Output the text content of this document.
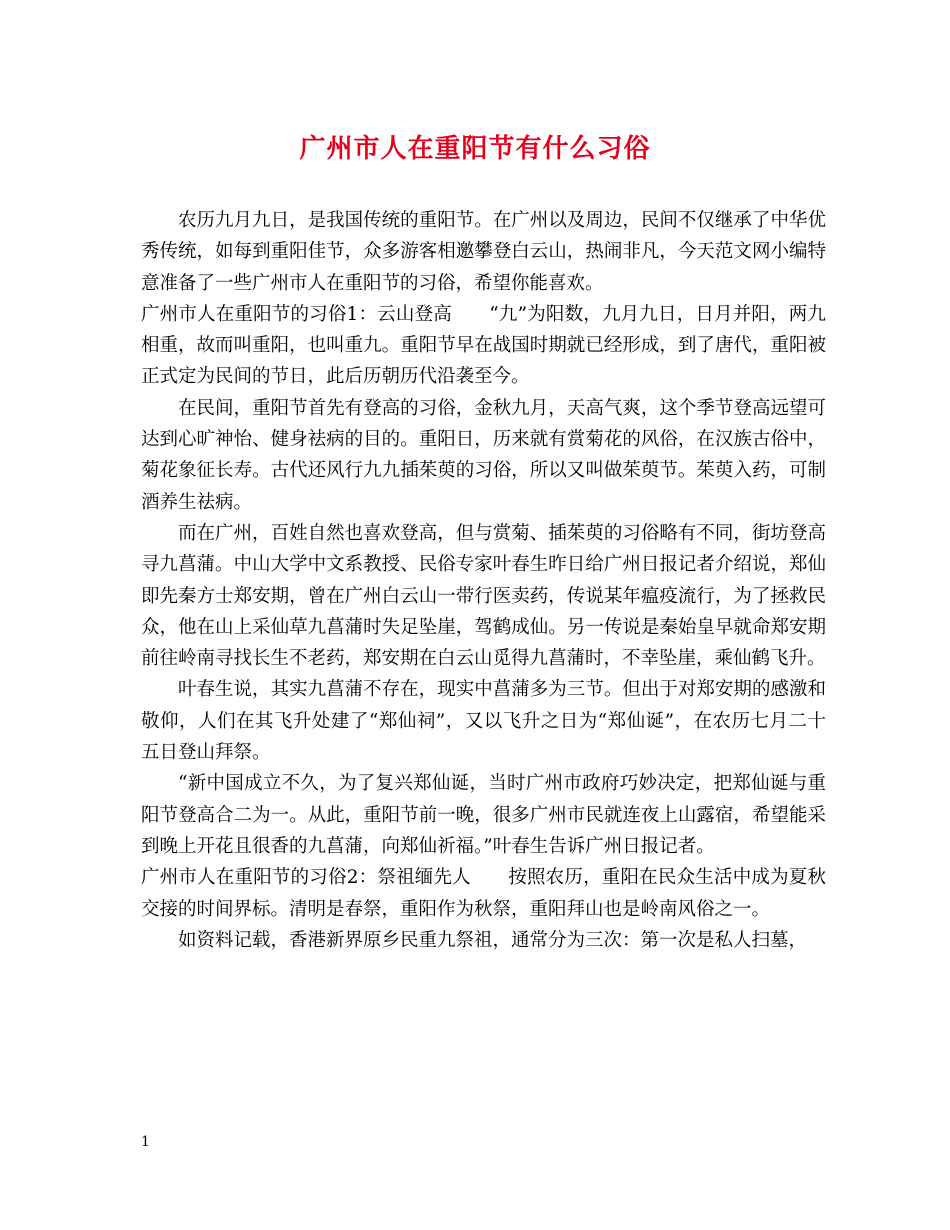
广州市人在重阳节有什么习俗

农历九月九日，是我国传统的重阳节。在广州以及周边，民间不仅继承了中华优秀传统，如每到重阳佳节，众多游客相邀攀登白云山，热闹非凡，今天范文网小编特意准备了一些广州市人在重阳节的习俗，希望你能喜欢。

广州市人在重阳节的习俗1：云山登高　　“九”为阳数，九月九日，日月并阳，两九相重，故而叫重阳，也叫重九。重阳节早在战国时期就已经形成，到了唐代，重阳被正式定为民间的节日，此后历朝历代沿袭至今。

在民间，重阳节首先有登高的习俗，金秋九月，天高气爽，这个季节登高远望可达到心旷神怡、健身祛病的目的。重阳日，历来就有赏菊花的风俗，在汉族古俗中，菊花象征长寿。古代还风行九九插茱萸的习俗，所以又叫做茱萸节。茱萸入药，可制酒养生祛病。

而在广州，百姓自然也喜欢登高，但与赏菊、插茱萸的习俗略有不同，街坊登高寻九菖蒲。中山大学中文系教授、民俗专家叶春生昨日给广州日报记者介绍说，郑仙即先秦方士郑安期，曾在广州白云山一带行医卖药，传说某年瘟疫流行，为了拯救民众，他在山上采仙草九菖蒲时失足坠崖，驾鹤成仙。另一传说是秦始皇早就命郑安期前往岭南寻找长生不老药，郑安期在白云山觅得九菖蒲时，不幸坠崖，乘仙鹤飞升。

叶春生说，其实九菖蒲不存在，现实中菖蒲多为三节。但出于对郑安期的感激和敬仰，人们在其飞升处建了“郑仙祠”，又以飞升之日为“郑仙诞”，在农历七月二十五日登山拜祭。

“新中国成立不久，为了复兴郑仙诞，当时广州市政府巧妙决定，把郑仙诞与重阳节登高合二为一。从此，重阳节前一晚，很多广州市民就连夜上山露宿，希望能采到晚上开花且很香的九菖蒲，向郑仙祈福。”叶春生告诉广州日报记者。

广州市人在重阳节的习俗2：祭祖缅先人　　按照农历，重阳在民众生活中成为夏秋交接的时间界标。清明是春祭，重阳作为秋祭，重阳拜山也是岭南风俗之一。

如资料记载，香港新界原乡民重九祭祖，通常分为三次：第一次是私人扫墓，

1
